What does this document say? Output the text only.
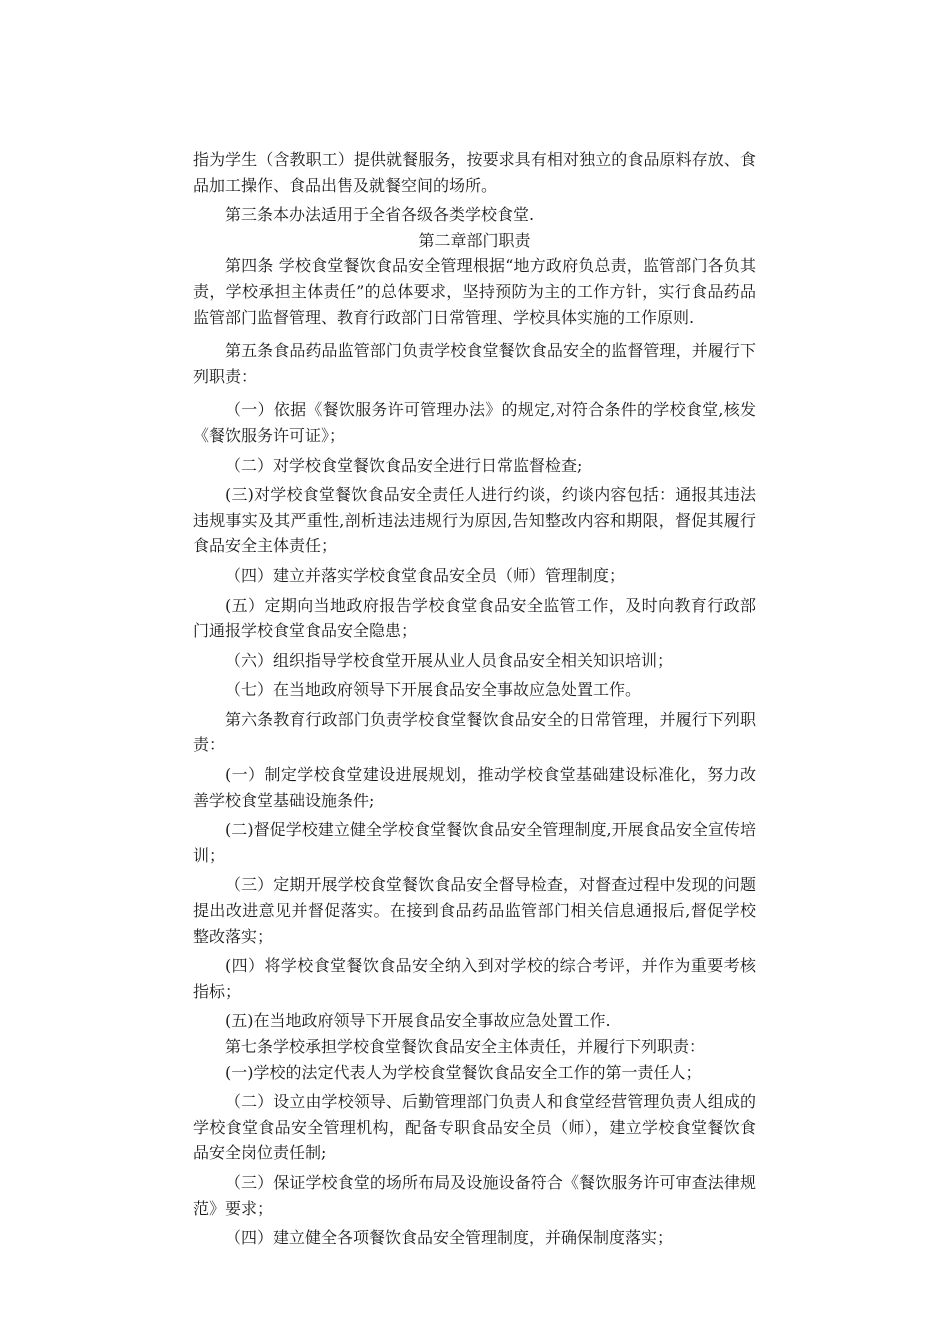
指为学生（含教职工）提供就餐服务，按要求具有相对独立的食品原料存放、食品加工操作、食品出售及就餐空间的场所。

第三条本办法适用于全省各级各类学校食堂.

第二章部门职责

第四条 学校食堂餐饮食品安全管理根据“地方政府负总责，监管部门各负其责，学校承担主体责任”的总体要求，坚持预防为主的工作方针，实行食品药品监管部门监督管理、教育行政部门日常管理、学校具体实施的工作原则.

第五条食品药品监管部门负责学校食堂餐饮食品安全的监督管理，并履行下列职责：

（一）依据《餐饮服务许可管理办法》的规定,对符合条件的学校食堂,核发《餐饮服务许可证》；

（二）对学校食堂餐饮食品安全进行日常监督检查;

(三)对学校食堂餐饮食品安全责任人进行约谈，约谈内容包括：通报其违法违规事实及其严重性,剖析违法违规行为原因,告知整改内容和期限，督促其履行食品安全主体责任；

（四）建立并落实学校食堂食品安全员（师）管理制度；

(五）定期向当地政府报告学校食堂食品安全监管工作，及时向教育行政部门通报学校食堂食品安全隐患；

（六）组织指导学校食堂开展从业人员食品安全相关知识培训；

（七）在当地政府领导下开展食品安全事故应急处置工作。

第六条教育行政部门负责学校食堂餐饮食品安全的日常管理，并履行下列职责：

(一）制定学校食堂建设进展规划，推动学校食堂基础建设标准化，努力改善学校食堂基础设施条件;

(二)督促学校建立健全学校食堂餐饮食品安全管理制度,开展食品安全宣传培训；

（三）定期开展学校食堂餐饮食品安全督导检查，对督查过程中发现的问题提出改进意见并督促落实。在接到食品药品监管部门相关信息通报后,督促学校整改落实；

(四）将学校食堂餐饮食品安全纳入到对学校的综合考评，并作为重要考核指标；

(五)在当地政府领导下开展食品安全事故应急处置工作.

第七条学校承担学校食堂餐饮食品安全主体责任，并履行下列职责：

(一)学校的法定代表人为学校食堂餐饮食品安全工作的第一责任人；

（二）设立由学校领导、后勤管理部门负责人和食堂经营管理负责人组成的学校食堂食品安全管理机构，配备专职食品安全员（师），建立学校食堂餐饮食品安全岗位责任制;

（三）保证学校食堂的场所布局及设施设备符合《餐饮服务许可审查法律规范》要求；

（四）建立健全各项餐饮食品安全管理制度，并确保制度落实；
